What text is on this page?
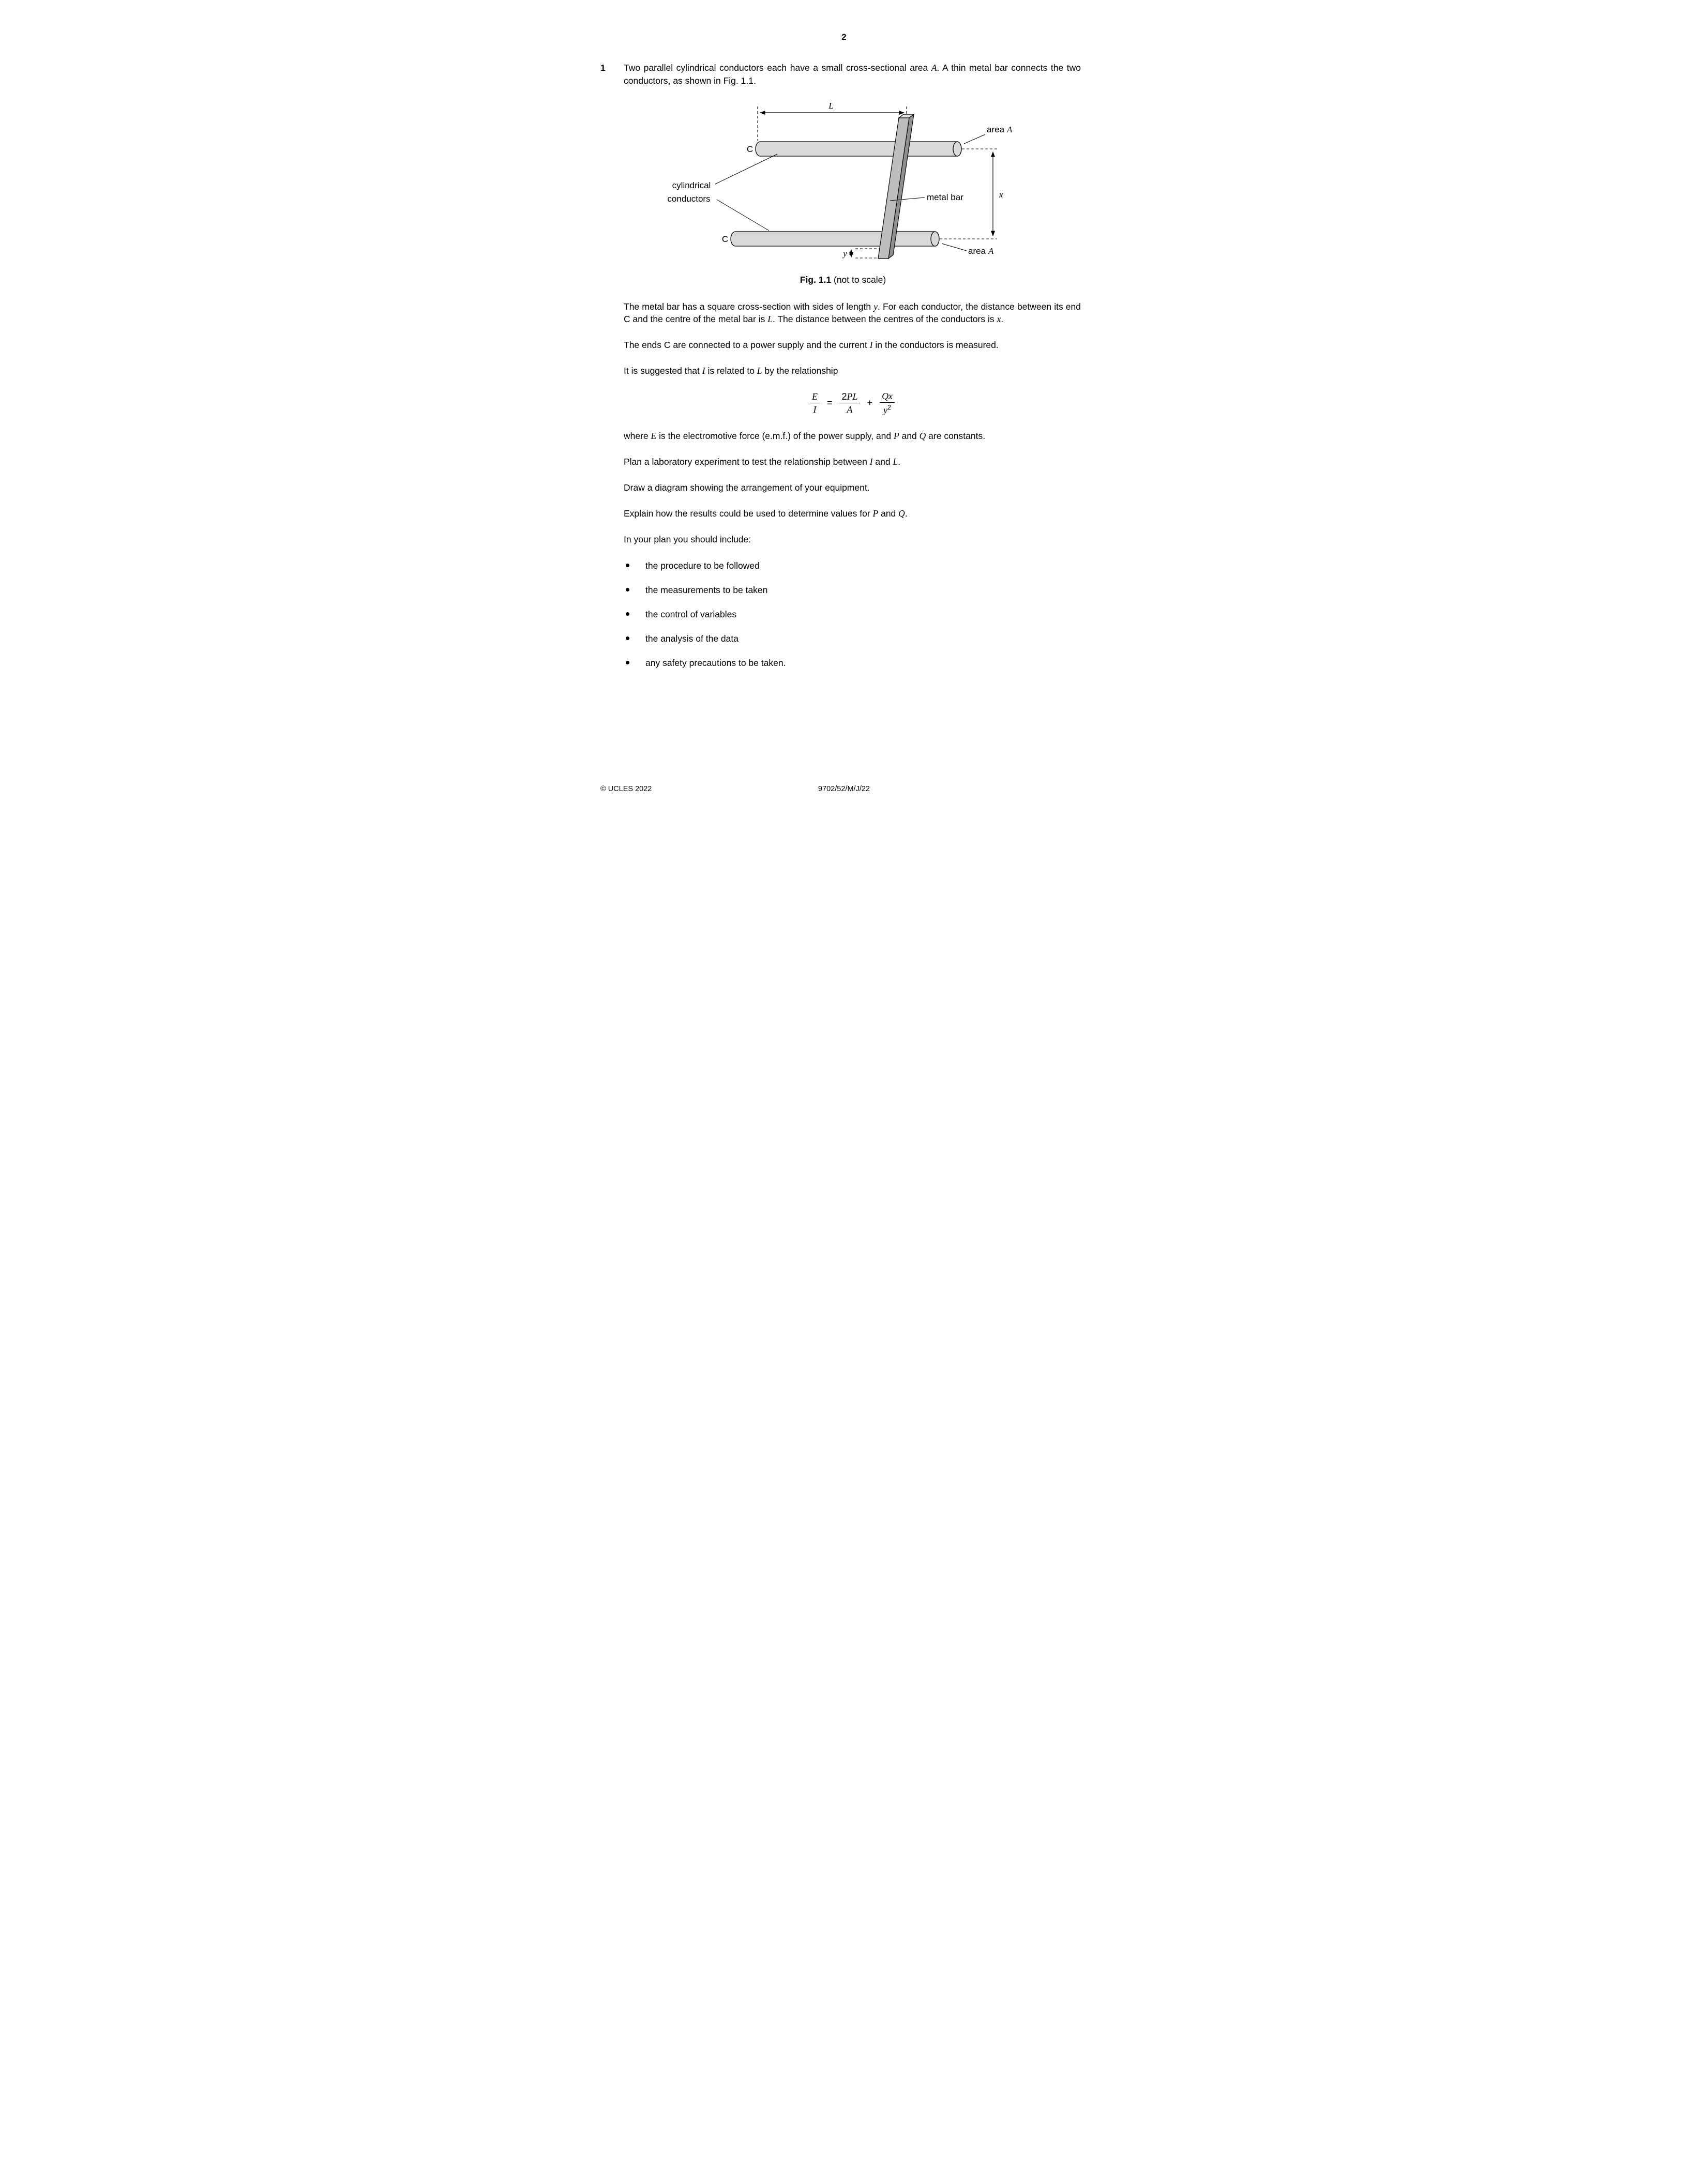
2
1	Two parallel cylindrical conductors each have a small cross-sectional area A. A thin metal bar connects the two conductors, as shown in Fig. 1.1.

L
C
C
y
x
area A
area A
cylindrical
conductors	metal bar
Fig. 1.1 (not to scale)

The metal bar has a square cross-section with sides of length y. For each conductor, the distance between its end C and the centre of the metal bar is L. The distance between the centres of the conductors is x.

The ends C are connected to a power supply and the current I in the conductors is measured.

It is suggested that I is related to L by the relationship

$\frac{E}{I} = \frac{2PL}{A} + \frac{Qx}{y^2}$

where E is the electromotive force (e.m.f.) of the power supply, and P and Q are constants.

Plan a laboratory experiment to test the relationship between I and L.

Draw a diagram showing the arrangement of your equipment.

Explain how the results could be used to determine values for P and Q.

In your plan you should include:

the procedure to be followed
the measurements to be taken
the control of variables
the analysis of the data
any safety precautions to be taken.
© UCLES 2022	9702/52/M/J/22
